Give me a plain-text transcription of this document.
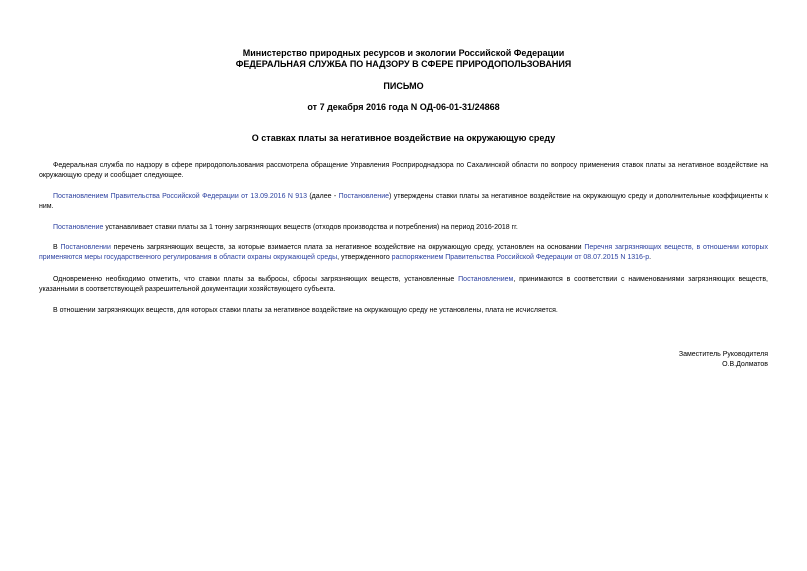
Министерство природных ресурсов и экологии Российской Федерации
ФЕДЕРАЛЬНАЯ СЛУЖБА ПО НАДЗОРУ В СФЕРЕ ПРИРОДОПОЛЬЗОВАНИЯ
ПИСЬМО
от 7 декабря 2016 года N ОД-06-01-31/24868
О ставках платы за негативное воздействие на окружающую среду

Федеральная служба по надзору в сфере природопользования рассмотрела обращение Управления Росприроднадзора по Сахалинской области по вопросу применения ставок платы за негативное воздействие на окружающую среду и сообщает следующее.

Постановлением Правительства Российской Федерации от 13.09.2016 N 913 (далее - Постановление) утверждены ставки платы за негативное воздействие на окружающую среду и дополнительные коэффициенты к ним.

Постановление устанавливает ставки платы за 1 тонну загрязняющих веществ (отходов производства и потребления) на период 2016-2018 гг.

В Постановлении перечень загрязняющих веществ, за которые взимается плата за негативное воздействие на окружающую среду, установлен на основании Перечня загрязняющих веществ, в отношении которых применяются меры государственного регулирования в области охраны окружающей среды, утвержденного распоряжением Правительства Российской Федерации от 08.07.2015 N 1316-р.

Одновременно необходимо отметить, что ставки платы за выбросы, сбросы загрязняющих веществ, установленные Постановлением, принимаются в соответствии с наименованиями загрязняющих веществ, указанными в соответствующей разрешительной документации хозяйствующего субъекта.

В отношении загрязняющих веществ, для которых ставки платы за негативное воздействие на окружающую среду не установлены, плата не исчисляется.

Заместитель Руководителя
О.В.Долматов
